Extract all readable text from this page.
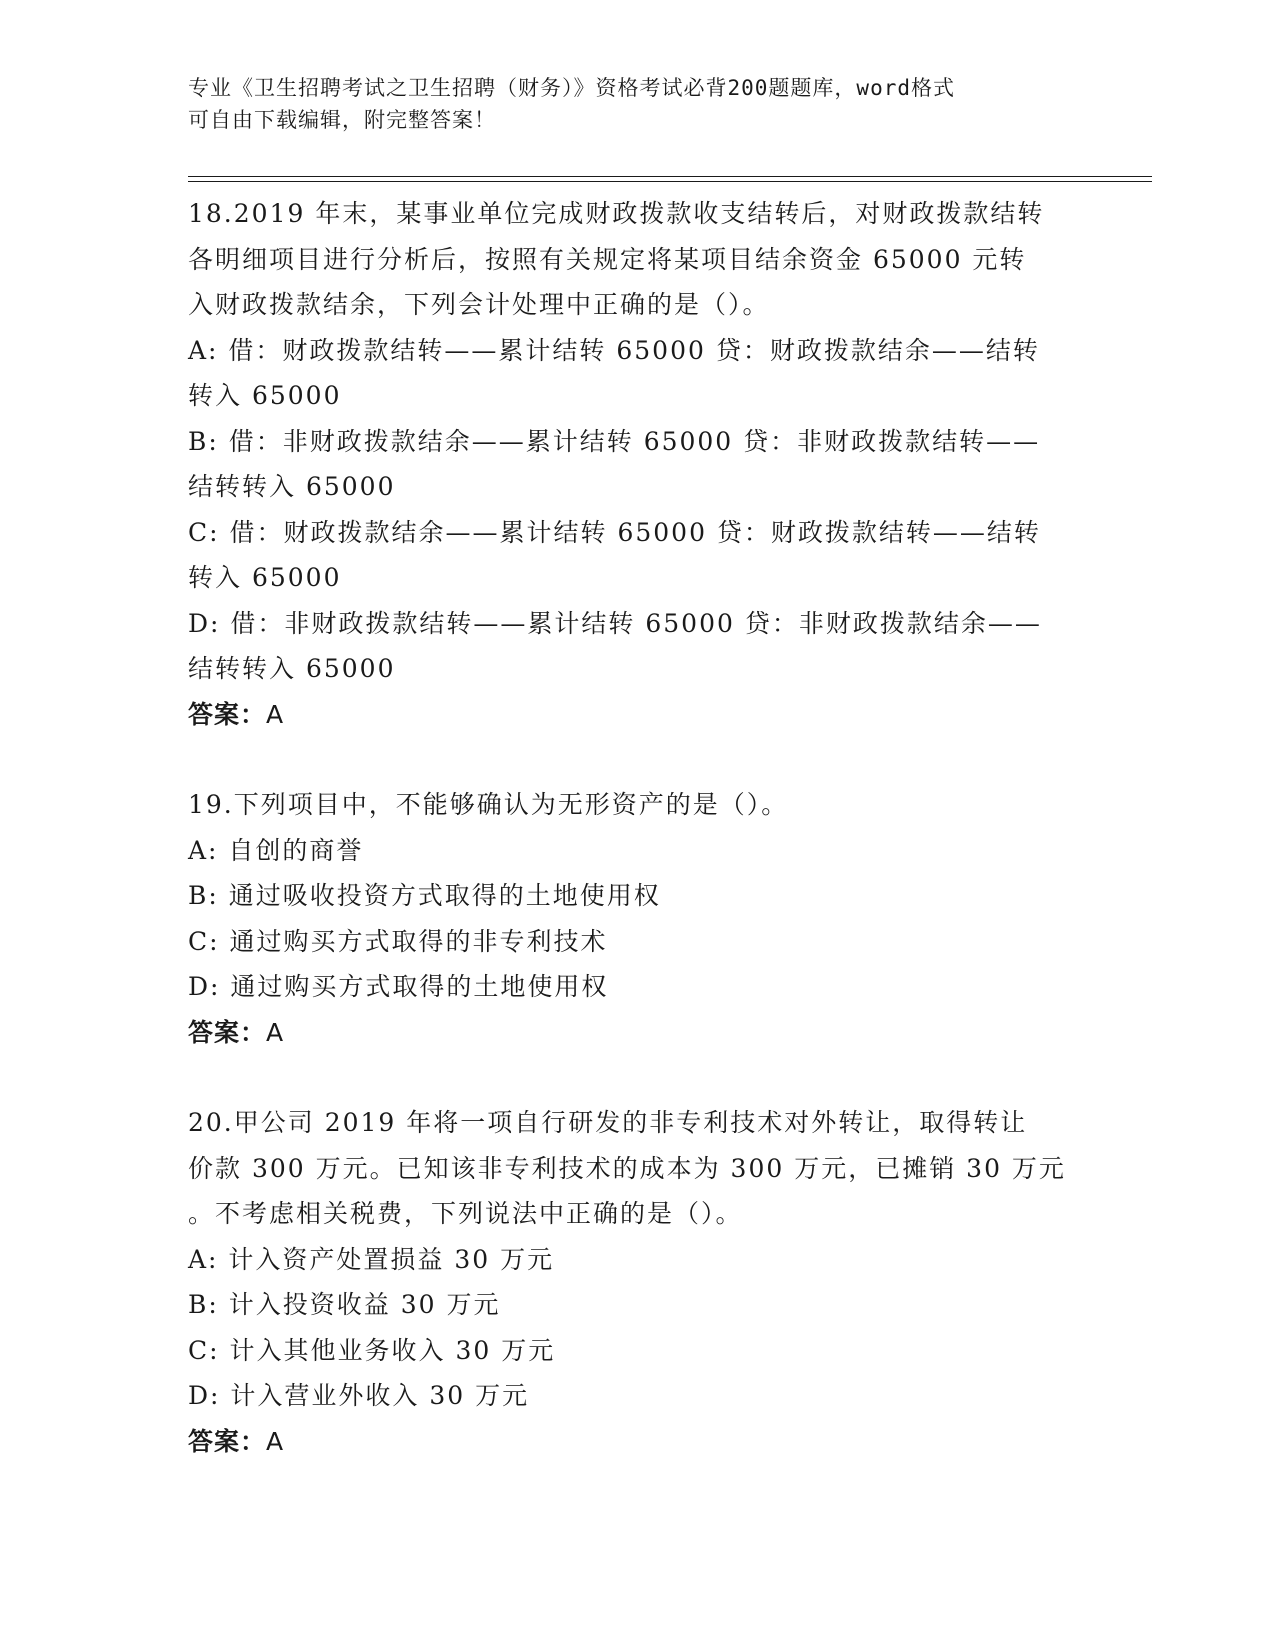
专业《卫生招聘考试之卫生招聘（财务）》资格考试必背200题题库，word格式
可自由下载编辑，附完整答案！
18.2019 年末，某事业单位完成财政拨款收支结转后，对财政拨款结转
各明细项目进行分析后，按照有关规定将某项目结余资金 65000 元转
入财政拨款结余，下列会计处理中正确的是（）。
A: 借：财政拨款结转——累计结转 65000 贷：财政拨款结余——结转
转入 65000
B: 借：非财政拨款结余——累计结转 65000 贷：非财政拨款结转——
结转转入 65000
C: 借：财政拨款结余——累计结转 65000 贷：财政拨款结转——结转
转入 65000
D: 借：非财政拨款结转——累计结转 65000 贷：非财政拨款结余——
结转转入 65000
答案：A
19.下列项目中，不能够确认为无形资产的是（）。
A: 自创的商誉
B: 通过吸收投资方式取得的土地使用权
C: 通过购买方式取得的非专利技术
D: 通过购买方式取得的土地使用权
答案：A
20.甲公司 2019 年将一项自行研发的非专利技术对外转让，取得转让
价款 300 万元。已知该非专利技术的成本为 300 万元，已摊销 30 万元
。不考虑相关税费，下列说法中正确的是（）。
A: 计入资产处置损益 30 万元
B: 计入投资收益 30 万元
C: 计入其他业务收入 30 万元
D: 计入营业外收入 30 万元
答案：A
